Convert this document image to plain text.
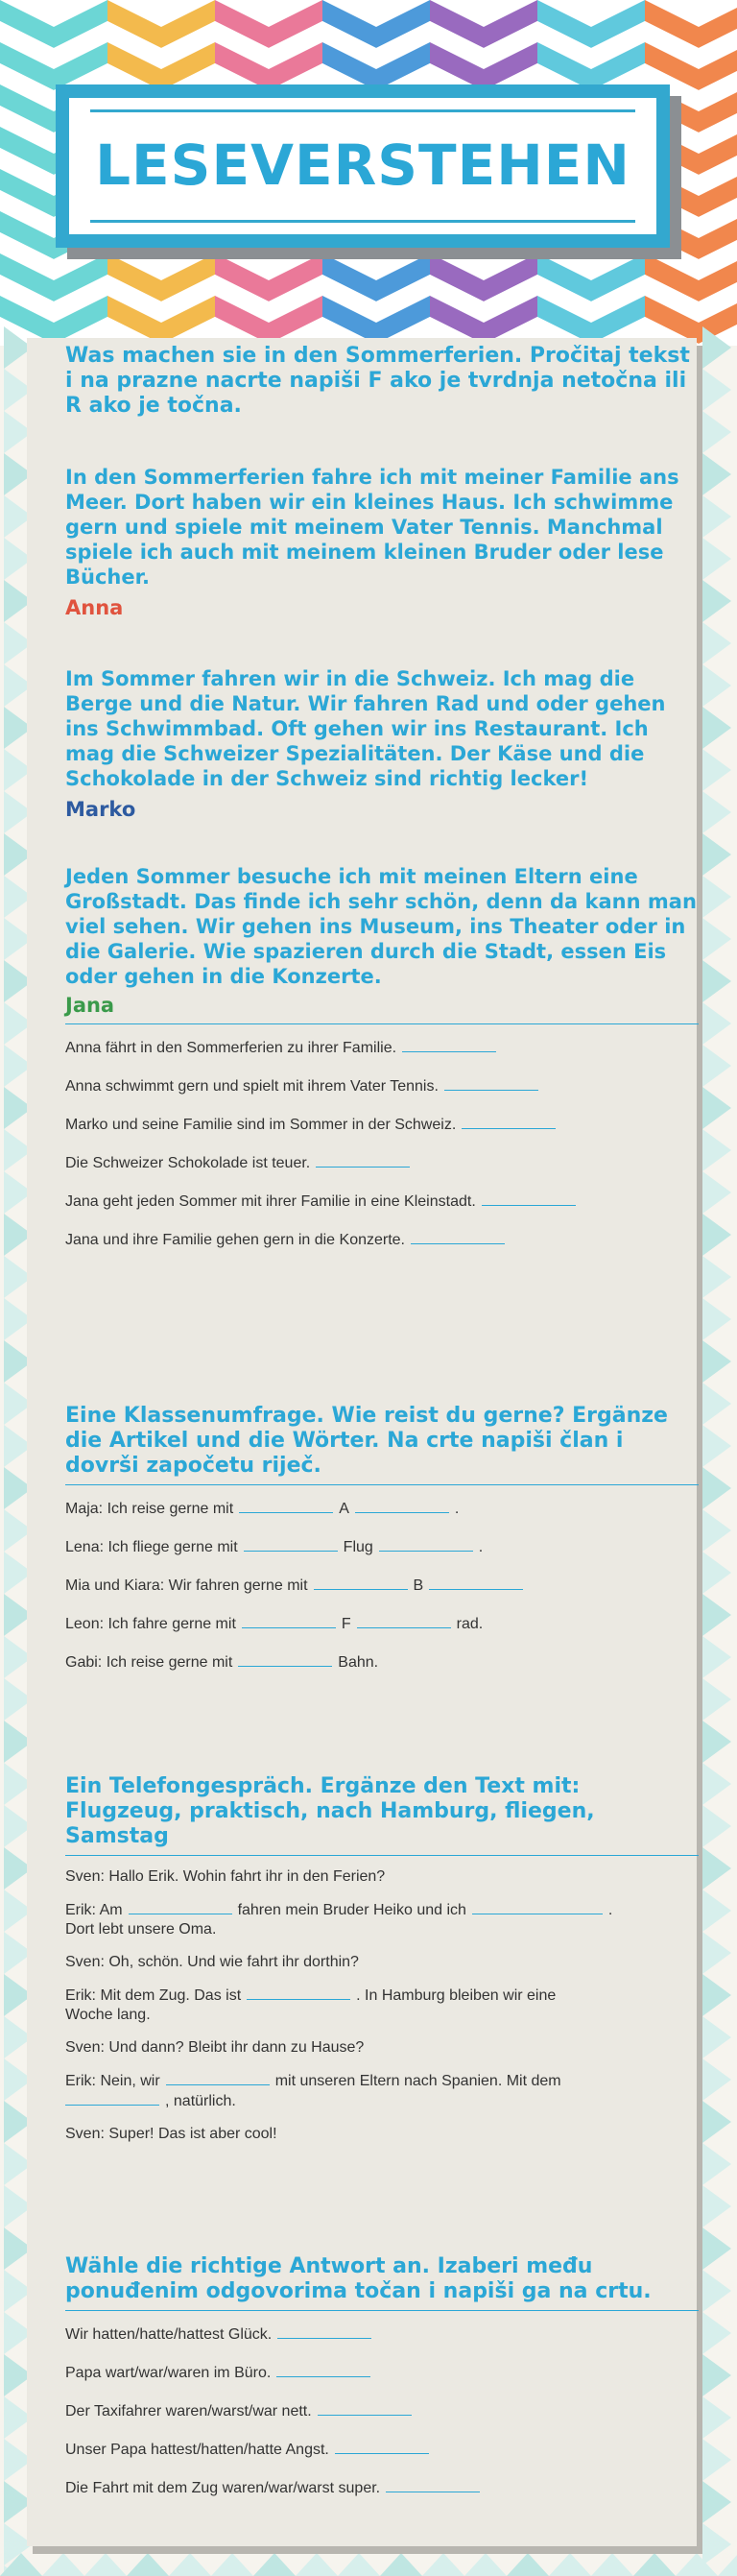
LESEVERSTEHEN

Was machen sie in den Sommerferien. Pročitaj tekst i na prazne nacrte napiši F ako je tvrdnja netočna ili R ako je točna.

In den Sommerferien fahre ich mit meiner Familie ans Meer. Dort haben wir ein kleines Haus. Ich schwimme gern und spiele mit meinem Vater Tennis. Manchmal spiele ich auch mit meinem kleinen Bruder oder lese Bücher.

Anna

Im Sommer fahren wir in die Schweiz. Ich mag die Berge und die Natur. Wir fahren Rad und oder gehen ins Schwimmbad. Oft gehen wir ins Restaurant. Ich mag die Schweizer Spezialitäten. Der Käse und die Schokolade in der Schweiz sind richtig lecker!

Marko

Jeden Sommer besuche ich mit meinen Eltern eine Großstadt. Das finde ich sehr schön, denn da kann man viel sehen. Wir gehen ins Museum, ins Theater oder in die Galerie. Wie spazieren durch die Stadt, essen Eis oder gehen in die Konzerte.

Jana

Anna fährt in den Sommerferien zu ihrer Familie.
Anna schwimmt gern und spielt mit ihrem Vater Tennis.
Marko und seine Familie sind im Sommer in der Schweiz.
Die Schweizer Schokolade ist teuer.
Jana geht jeden Sommer mit ihrer Familie in eine Kleinstadt.
Jana und ihre Familie gehen gern in die Konzerte.

Eine Klassenumfrage. Wie reist du gerne? Ergänze die Artikel und die Wörter. Na crte napiši član i dovrši započetu riječ.

Maja: Ich reise gerne mit	A	.
Lena: Ich fliege gerne mit	Flug	.
Mia und Kiara: Wir fahren gerne mit	B
Leon: Ich fahre gerne mit	F	rad.
Gabi: Ich reise gerne mit	Bahn.

Ein Telefongespräch. Ergänze den Text mit: Flugzeug, praktisch, nach Hamburg, fliegen, Samstag

Sven: Hallo Erik. Wohin fahrt ihr in den Ferien?
Erik: Am	fahren mein Bruder Heiko und ich	.
Dort lebt unsere Oma.
Sven: Oh, schön. Und wie fahrt ihr dorthin?
Erik: Mit dem Zug. Das ist	. In Hamburg bleiben wir eine
Woche lang.
Sven: Und dann? Bleibt ihr dann zu Hause?
Erik: Nein, wir	mit unseren Eltern nach Spanien. Mit dem
, natürlich.
Sven: Super! Das ist aber cool!

Wähle die richtige Antwort an. Izaberi među ponuđenim odgovorima točan i napiši ga na crtu.

Wir hatten/hatte/hattest Glück.
Papa wart/war/waren im Büro.
Der Taxifahrer waren/warst/war nett.
Unser Papa hattest/hatten/hatte Angst.
Die Fahrt mit dem Zug waren/war/warst super.
